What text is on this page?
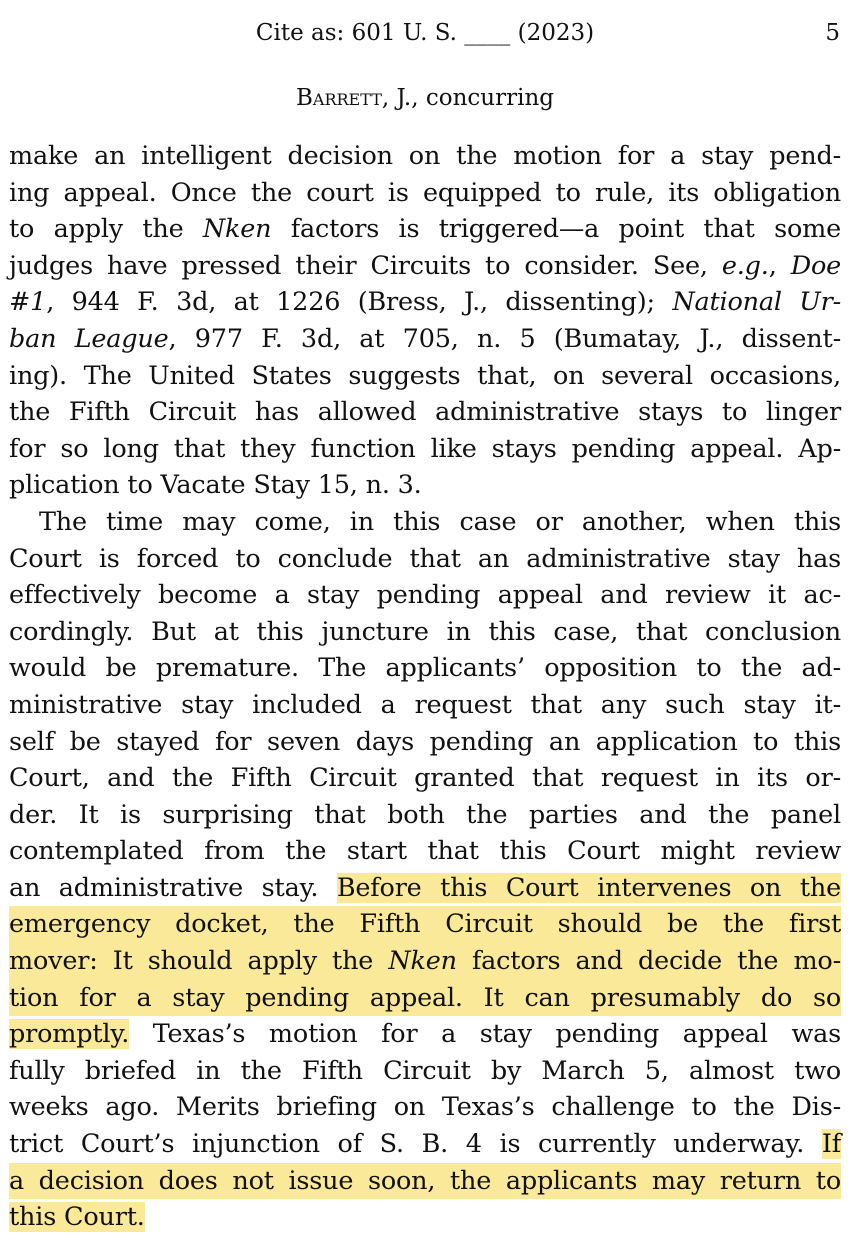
Cite as: 601 U. S. ____ (2023)	5
Barrett, J., concurring
make an intelligent decision on the motion for a stay pend-
ing appeal. Once the court is equipped to rule, its obligation
to apply the Nken factors is triggered—a point that some
judges have pressed their Circuits to consider. See, e.g., Doe
#1, 944 F. 3d, at 1226 (Bress, J., dissenting); National Ur-
ban League, 977 F. 3d, at 705, n. 5 (Bumatay, J., dissent-
ing). The United States suggests that, on several occasions,
the Fifth Circuit has allowed administrative stays to linger
for so long that they function like stays pending appeal. Ap-
plication to Vacate Stay 15, n. 3.
The time may come, in this case or another, when this
Court is forced to conclude that an administrative stay has
effectively become a stay pending appeal and review it ac-
cordingly. But at this juncture in this case, that conclusion
would be premature. The applicants’ opposition to the ad-
ministrative stay included a request that any such stay it-
self be stayed for seven days pending an application to this
Court, and the Fifth Circuit granted that request in its or-
der. It is surprising that both the parties and the panel
contemplated from the start that this Court might review
an administrative stay. Before this Court intervenes on the
emergency docket, the Fifth Circuit should be the first
mover: It should apply the Nken factors and decide the mo-
tion for a stay pending appeal. It can presumably do so
promptly. Texas’s motion for a stay pending appeal was
fully briefed in the Fifth Circuit by March 5, almost two
weeks ago. Merits briefing on Texas’s challenge to the Dis-
trict Court’s injunction of S. B. 4 is currently underway. If
a decision does not issue soon, the applicants may return to
this Court.
